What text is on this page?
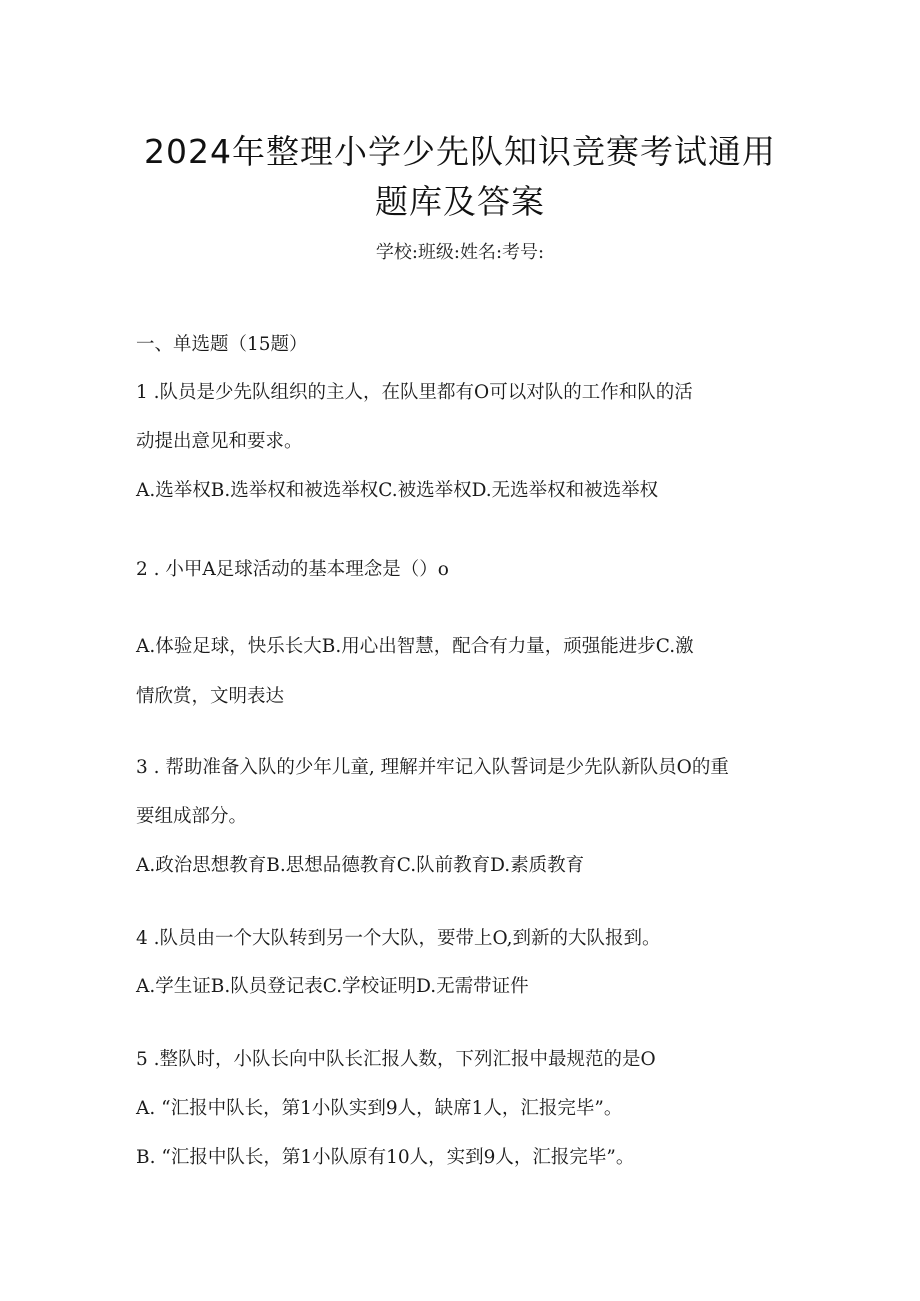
2024年整理小学少先队知识竞赛考试通用
题库及答案
学校:班级:姓名:考号:
一、单选题（15题）
1 .队员是少先队组织的主人，在队里都有O可以对队的工作和队的活
动提出意见和要求。
A.选举权B.选举权和被选举权C.被选举权D.无选举权和被选举权
2 . 小甲A足球活动的基本理念是（）o
A.体验足球，快乐长大B.用心出智慧，配合有力量，顽强能进步C.激
情欣赏，文明表达
3 . 帮助准备入队的少年儿童, 理解并牢记入队誓词是少先队新队员O的重
要组成部分。
A.政治思想教育B.思想品德教育C.队前教育D.素质教育
4 .队员由一个大队转到另一个大队，要带上O,到新的大队报到。
A.学生证B.队员登记表C.学校证明D.无需带证件
5 .整队时，小队长向中队长汇报人数，下列汇报中最规范的是O
A. “汇报中队长，第1小队实到9人，缺席1人，汇报完毕”。
B. “汇报中队长，第1小队原有10人，实到9人，汇报完毕”。
